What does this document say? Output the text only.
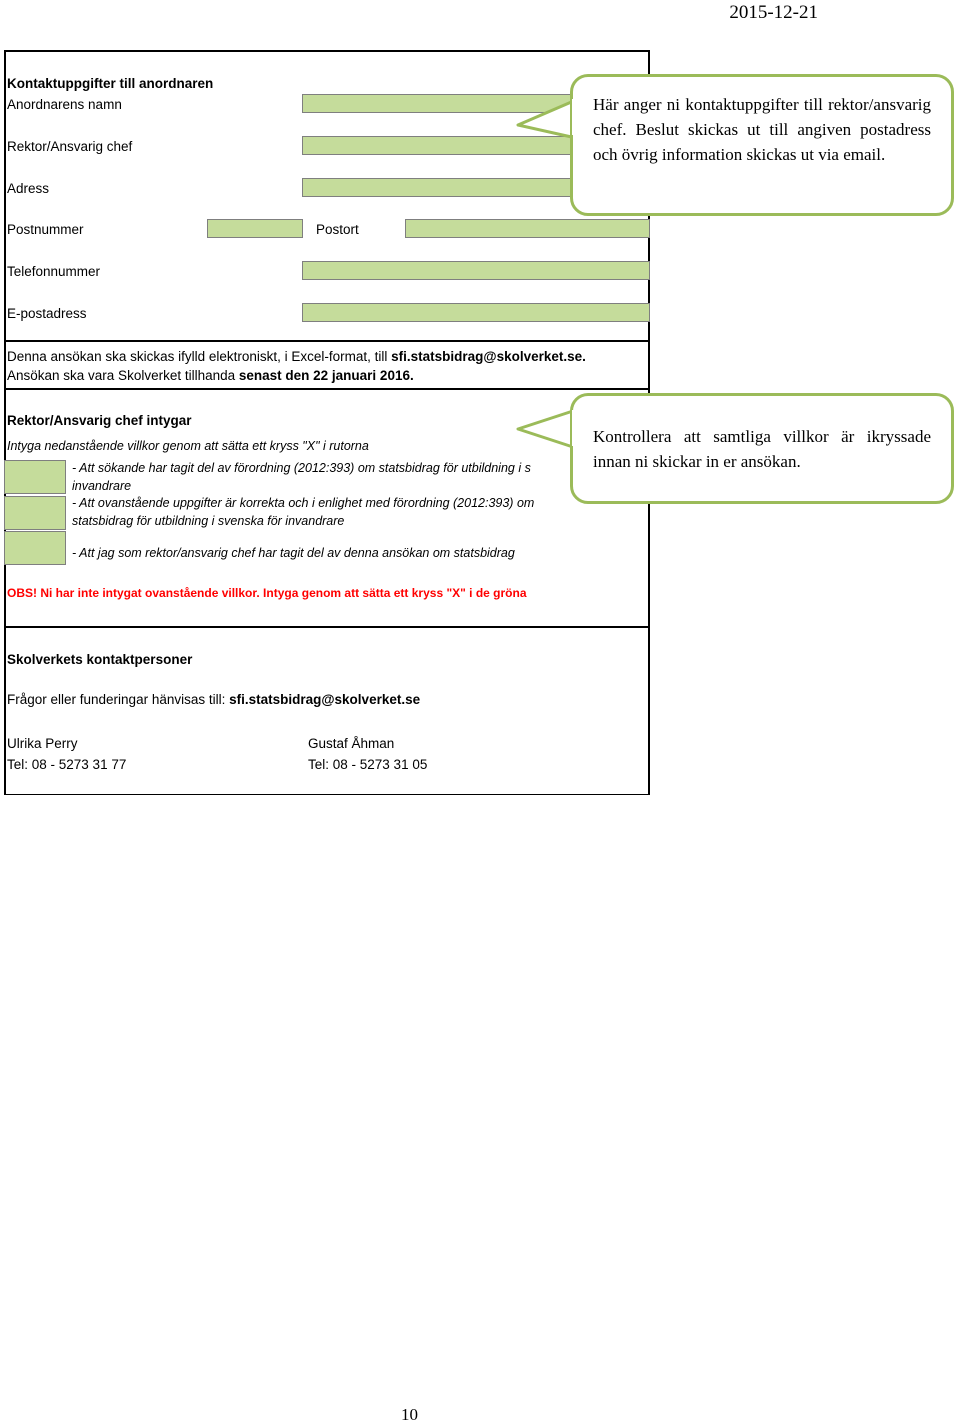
2015-12-21
Kontaktuppgifter till anordnaren
Anordnarens namn
Rektor/Ansvarig chef
Adress
Postnummer	Postort
Telefonnummer
E-postadress
Denna ansökan ska skickas ifylld elektroniskt, i Excel-format, till sfi.statsbidrag@skolverket.se.
Ansökan ska vara Skolverket tillhanda senast den 22 januari 2016.
Rektor/Ansvarig chef intygar
Intyga nedanstående villkor genom att sätta ett kryss "X" i rutorna
- Att sökande har tagit del av förordning (2012:393) om statsbidrag för utbildning i s
invandrare
- Att ovanstående uppgifter är korrekta och i enlighet med förordning (2012:393) om
statsbidrag för utbildning i svenska för invandrare
- Att jag som rektor/ansvarig chef har tagit del av denna ansökan om statsbidrag
OBS! Ni har inte intygat ovanstående villkor. Intyga genom att sätta ett kryss "X" i de gröna
Skolverkets kontaktpersoner
Frågor eller funderingar hänvisas till: sfi.statsbidrag@skolverket.se
Ulrika Perry
Tel: 08 - 5273 31 77
Gustaf Åhman
Tel: 08 - 5273 31 05
Här anger ni kontaktuppgifter till rektor/ansvarig chef. Beslut skickas ut till angiven postadress och övrig information skickas ut via email.
Kontrollera att samtliga villkor är ikryssade innan ni skickar in er ansökan.
10
